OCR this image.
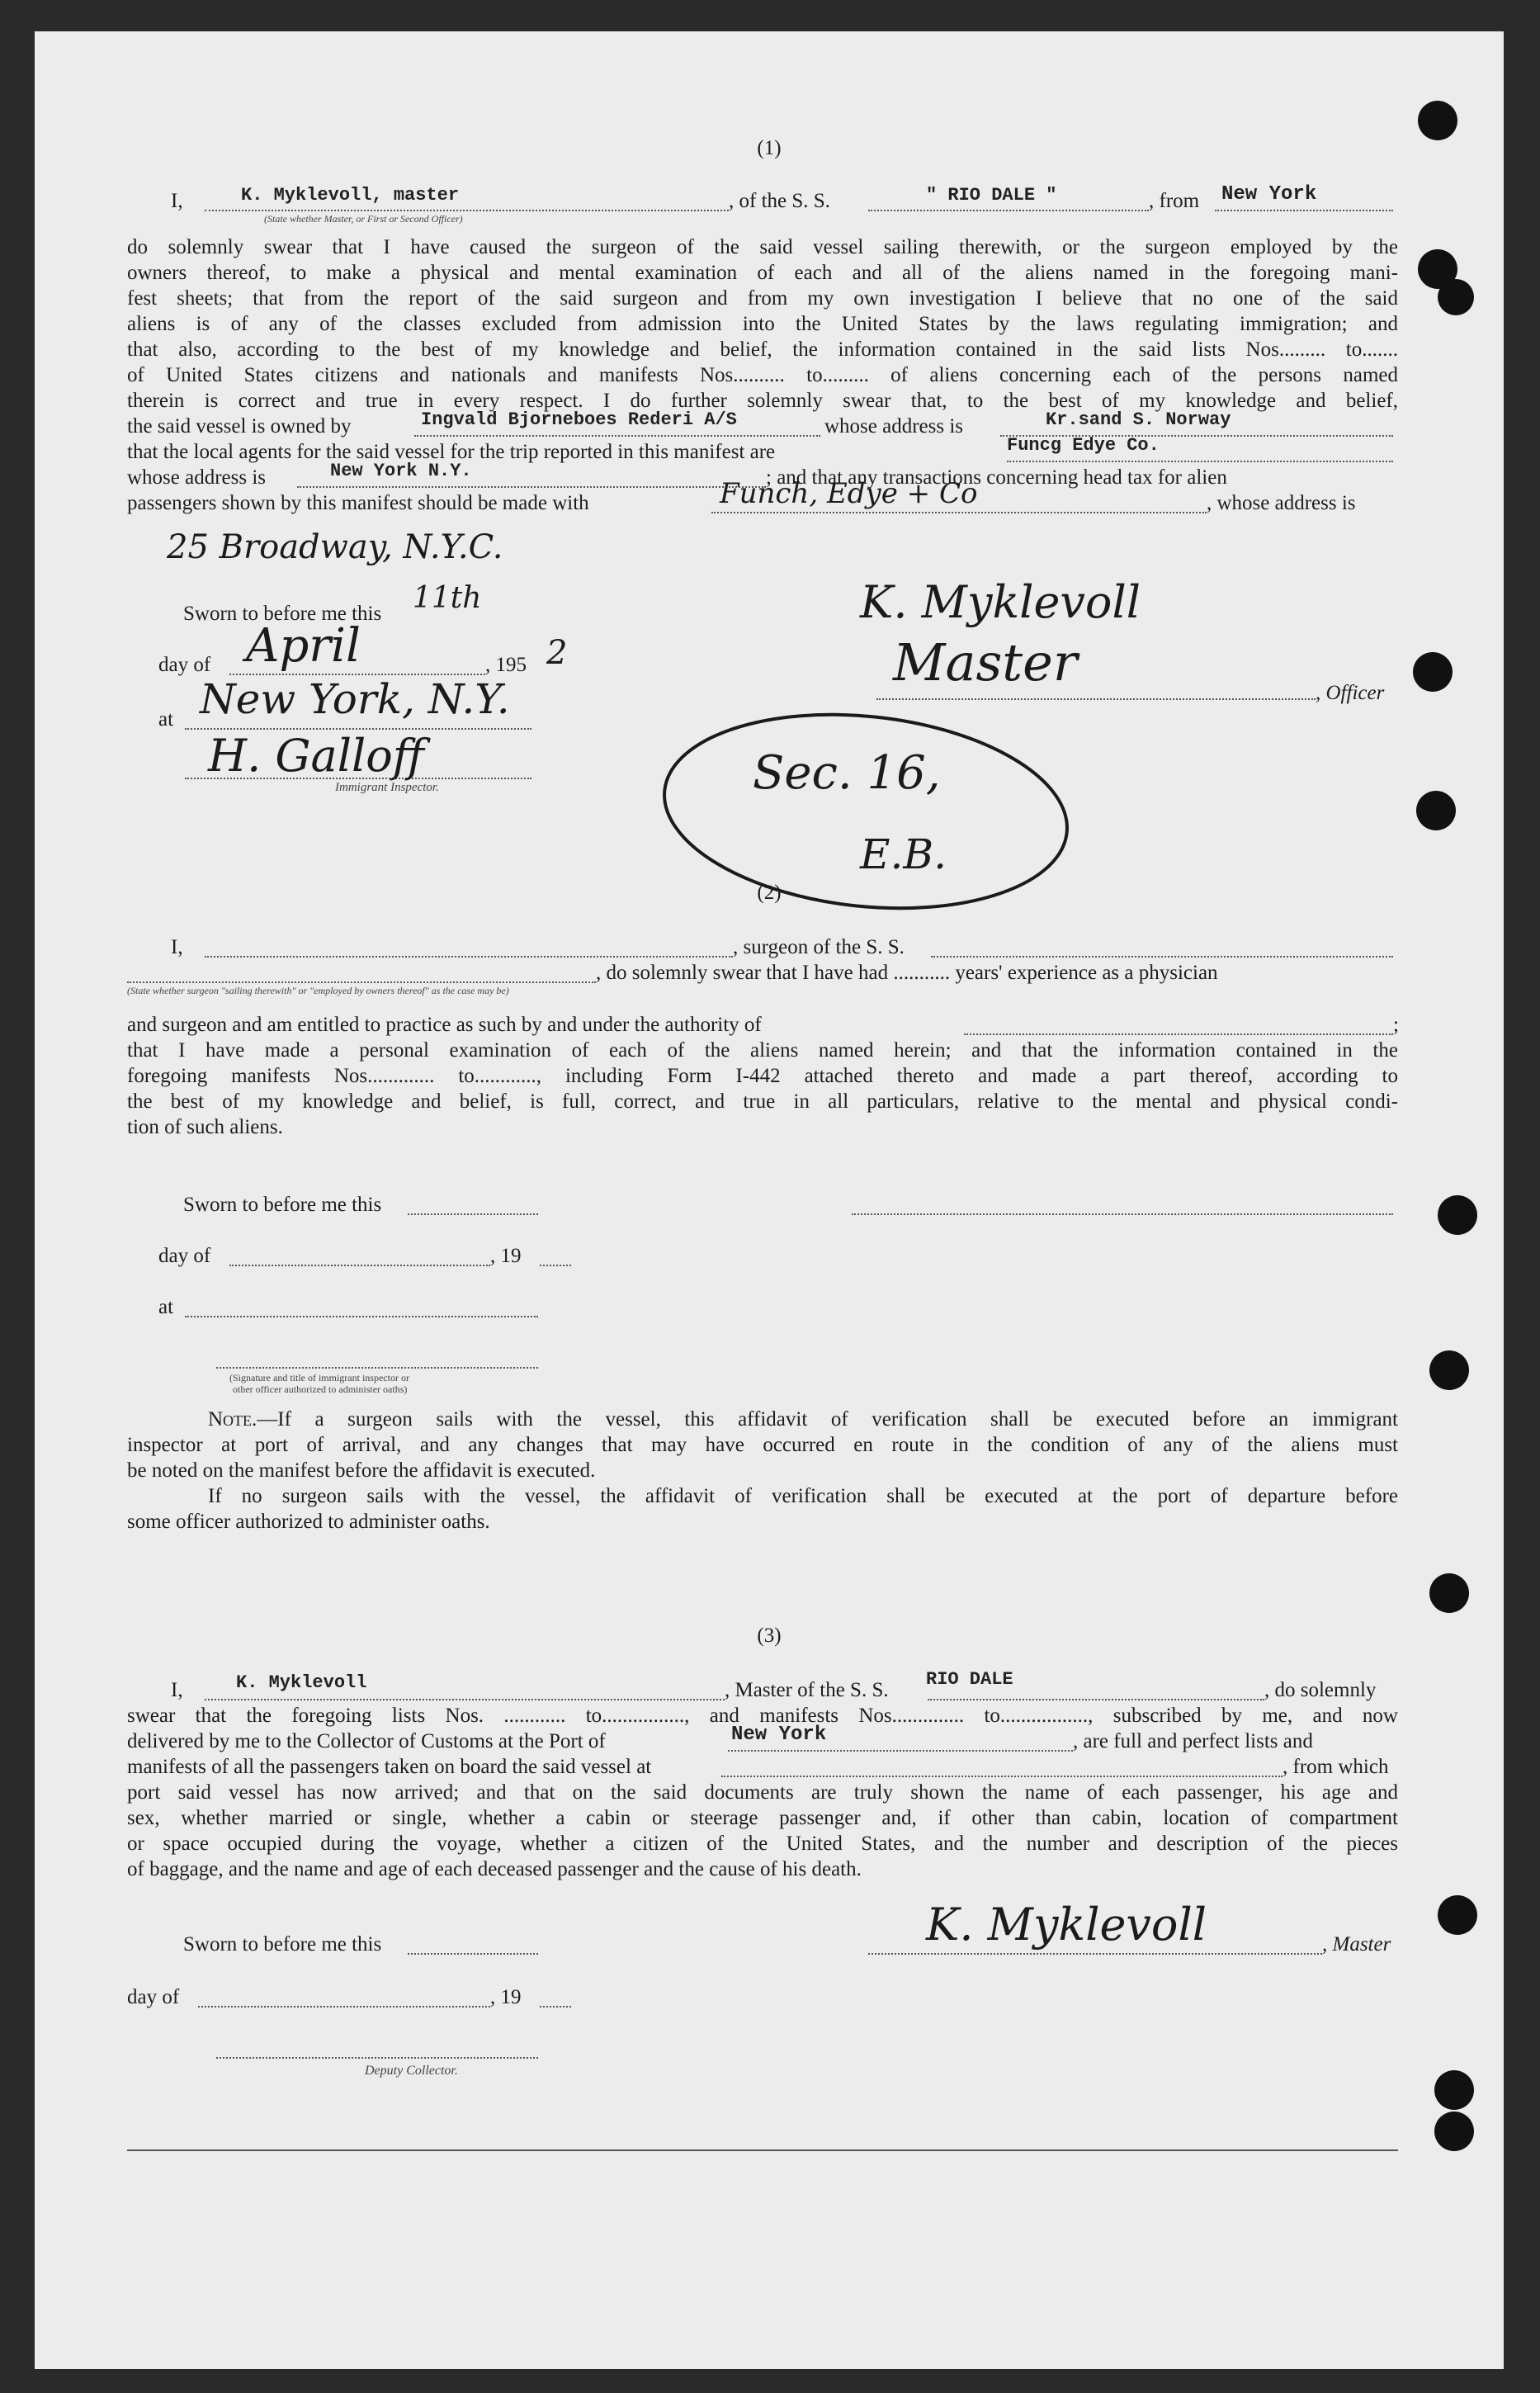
(1)
I,	K. Myklevoll, master
(State whether Master, or First or Second Officer)
, of the S. S.	" RIO DALE "	, from New York
do solemnly swear that I have caused the surgeon of the said vessel sailing therewith, or the surgeon employed by the
owners thereof, to make a physical and mental examination of each and all of the aliens named in the foregoing mani-
fest sheets; that from the report of the said surgeon and from my own investigation I believe that no one of the said
aliens is of any of the classes excluded from admission into the United States by the laws regulating immigration; and
that also, according to the best of my knowledge and belief, the information contained in the said lists Nos......... to.......
of United States citizens and nationals and manifests Nos.......... to......... of aliens concerning each of the persons named
therein is correct and true in every respect. I do further solemnly swear that, to the best of my knowledge and belief,
the said vessel is owned by	Ingvald Bjorneboes Rederi A/S	whose address is	Kr.sand S. Norway
that the local agents for the said vessel for the trip reported in this manifest are	Funcg Edye Co.
whose address is	New York N.Y.	; and that any transactions concerning head tax for alien
passengers shown by this manifest should be made with	Funch, Edye + Co	, whose address is
25 Broadway, N.Y.C.
Sworn to before me this 11th
day of April	, 195 2
at New York, N.Y.
H. Galloff
Immigrant Inspector.
K. Myklevoll
Master
, Officer
Sec. 16,
E.B.
(2)
I,	, surgeon of the S. S.
, do solemnly swear that I have had ........... years' experience as a physician
(State whether surgeon "sailing therewith" or "employed by owners thereof" as the case may be)
and surgeon and am entitled to practice as such by and under the authority of	;
that I have made a personal examination of each of the aliens named herein; and that the information contained in the
foregoing manifests Nos............. to............, including Form I-442 attached thereto and made a part thereof, according to
the best of my knowledge and belief, is full, correct, and true in all particulars, relative to the mental and physical condi-
tion of such aliens.
Sworn to before me this
day of	, 19
at
(Signature and title of immigrant inspector or
other officer authorized to administer oaths)
Note.—If a surgeon sails with the vessel, this affidavit of verification shall be executed before an immigrant
inspector at port of arrival, and any changes that may have occurred en route in the condition of any of the aliens must
be noted on the manifest before the affidavit is executed.
If no surgeon sails with the vessel, the affidavit of verification shall be executed at the port of departure before
some officer authorized to administer oaths.
(3)
I,	K. Myklevoll	, Master of the S. S. RIO DALE	, do solemnly
swear that the foregoing lists Nos. ............ to................, and manifests Nos.............. to................., subscribed by me, and now
delivered by me to the Collector of Customs at the Port of	New York	, are full and perfect lists and
manifests of all the passengers taken on board the said vessel at	, from which
port said vessel has now arrived; and that on the said documents are truly shown the name of each passenger, his age and
sex, whether married or single, whether a cabin or steerage passenger and, if other than cabin, location of compartment
or space occupied during the voyage, whether a citizen of the United States, and the number and description of the pieces
of baggage, and the name and age of each deceased passenger and the cause of his death.
Sworn to before me this	K. Myklevoll	, Master
day of	, 19
Deputy Collector.
